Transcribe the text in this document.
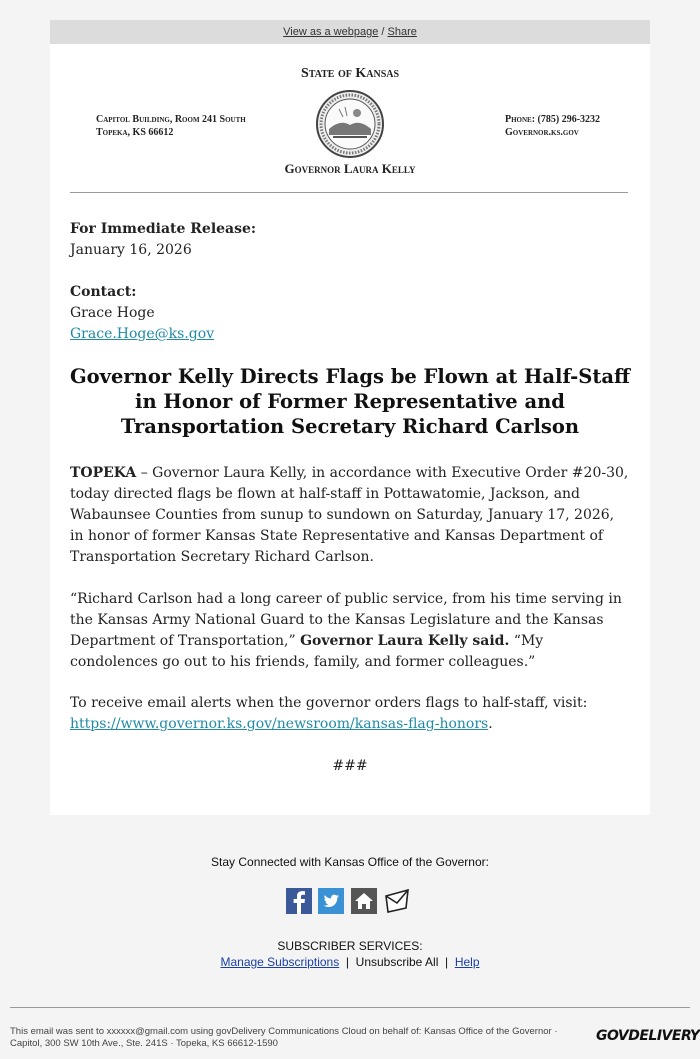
View as a webpage / Share
State of Kansas
Capitol Building, Room 241 South
Topeka, KS 66612
Phone: (785) 296-3232
Governor.ks.gov
Governor Laura Kelly
For Immediate Release:
January 16, 2026
Contact:
Grace Hoge
Grace.Hoge@ks.gov
Governor Kelly Directs Flags be Flown at Half-Staff in Honor of Former Representative and Transportation Secretary Richard Carlson
TOPEKA – Governor Laura Kelly, in accordance with Executive Order #20-30, today directed flags be flown at half-staff in Pottawatomie, Jackson, and Wabaunsee Counties from sunup to sundown on Saturday, January 17, 2026, in honor of former Kansas State Representative and Kansas Department of Transportation Secretary Richard Carlson.
“Richard Carlson had a long career of public service, from his time serving in the Kansas Army National Guard to the Kansas Legislature and the Kansas Department of Transportation,” Governor Laura Kelly said. “My condolences go out to his friends, family, and former colleagues.”
To receive email alerts when the governor orders flags to half-staff, visit:
https://www.governor.ks.gov/newsroom/kansas-flag-honors.
###
Stay Connected with Kansas Office of the Governor:
SUBSCRIBER SERVICES:
Manage Subscriptions  |  Unsubscribe All  |  Help
This email was sent to xxxxxx@gmail.com using govDelivery Communications Cloud on behalf of: Kansas Office of the Governor · Capitol, 300 SW 10th Ave., Ste. 241S · Topeka, KS 66612-1590	GOVDELIVERY
